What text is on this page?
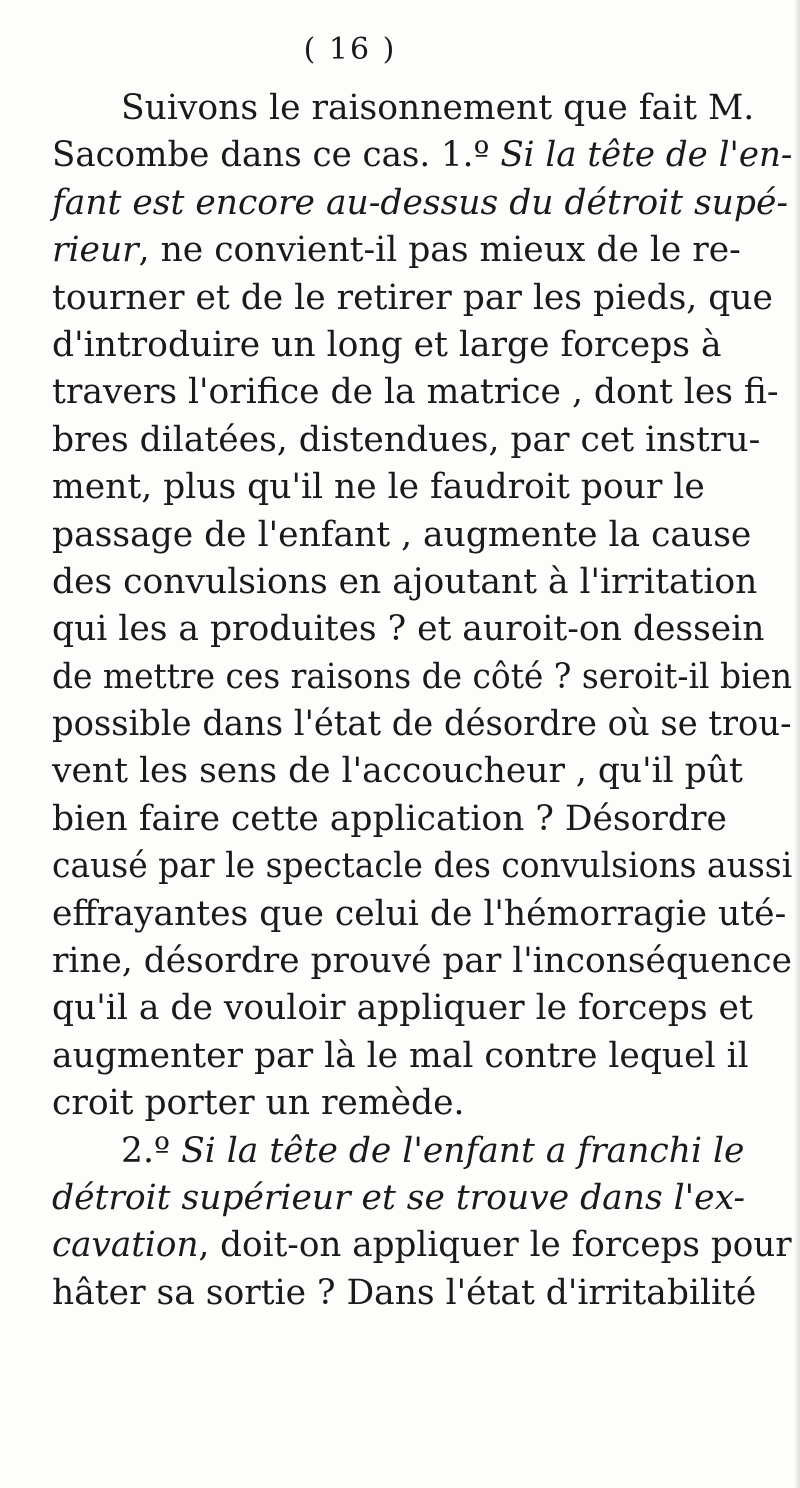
( 16 )
  Suivons le raisonnement que fait M.
Sacombe dans ce cas. 1.º Si la tête de l'en-
fant est encore au-dessus du détroit supé-
rieur, ne convient-il pas mieux de le re-
tourner et de le retirer par les pieds, que
d'introduire un long et large forceps à
travers l'orifice de la matrice , dont les fi-
bres dilatées, distendues, par cet instru-
ment, plus qu'il ne le faudroit pour le
passage de l'enfant , augmente la cause
des convulsions en ajoutant à l'irritation
qui les a produites ? et auroit-on dessein
de mettre ces raisons de côté ? seroit-il bien
possible dans l'état de désordre où se trou-
vent les sens de l'accoucheur , qu'il pût
bien faire cette application ? Désordre
causé par le spectacle des convulsions aussi
effrayantes que celui de l'hémorragie uté-
rine, désordre prouvé par l'inconséquence
qu'il a de vouloir appliquer le forceps et
augmenter par là le mal contre lequel il
croit porter un remède.
  2.º Si la tête de l'enfant a franchi le
détroit supérieur et se trouve dans l'ex-
cavation, doit-on appliquer le forceps pour
hâter sa sortie ? Dans l'état d'irritabilité
